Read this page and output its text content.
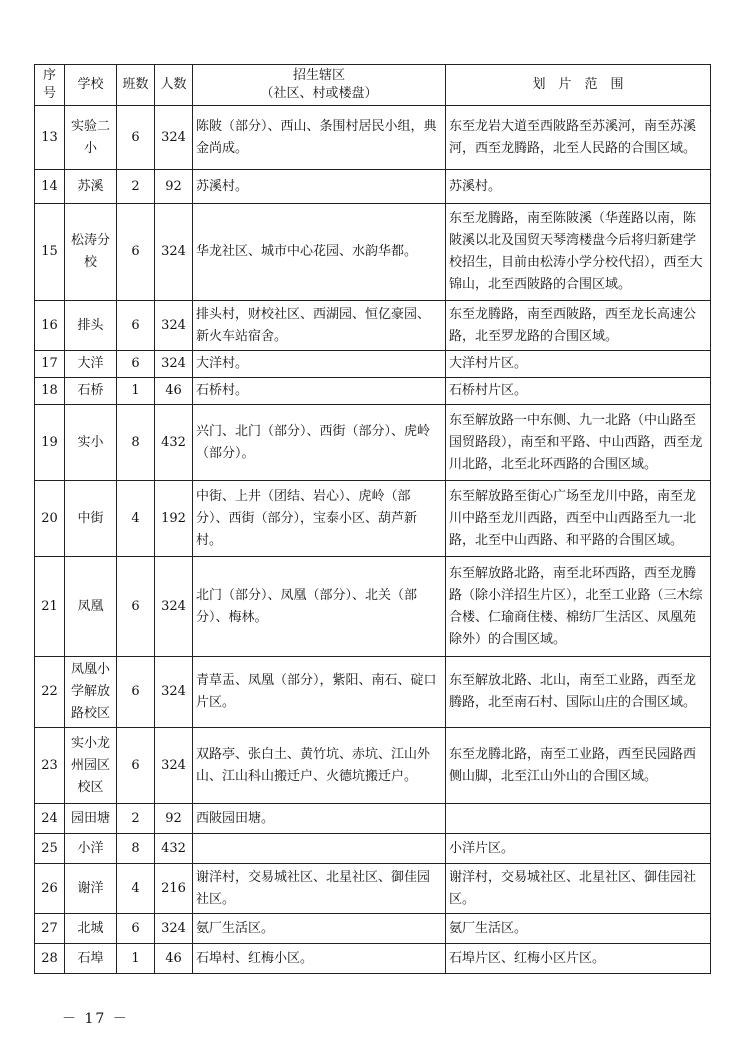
序号	学校	班数	人数	招生辖区
（社区、村或楼盘）	划　片　范　围
13	实验二小	6	324	陈陂（部分）、西山、条围村居民小组，典金尚成。	东至龙岩大道至西陂路至苏溪河，南至苏溪河，西至龙腾路，北至人民路的合围区域。
14	苏溪	2	92	苏溪村。	苏溪村。
15	松涛分校	6	324	华龙社区、城市中心花园、水韵华都。	东至龙腾路，南至陈陂溪（华莲路以南，陈陂溪以北及国贸天琴湾楼盘今后将归新建学校招生，目前由松涛小学分校代招），西至大锦山，北至西陂路的合围区域。
16	排头	6	324	排头村，财校社区、西湖园、恒亿豪园、新火车站宿舍。	东至龙腾路，南至西陂路，西至龙长高速公路，北至罗龙路的合围区域。
17	大洋	6	324	大洋村。	大洋村片区。
18	石桥	1	46	石桥村。	石桥村片区。
19	实小	8	432	兴门、北门（部分）、西街（部分）、虎岭（部分）。	东至解放路一中东侧、九一北路（中山路至国贸路段），南至和平路、中山西路，西至龙川北路，北至北环西路的合围区域。
20	中街	4	192	中街、上井（团结、岩心）、虎岭（部分）、西街（部分），宝泰小区、葫芦新村。	东至解放路至街心广场至龙川中路，南至龙川中路至龙川西路，西至中山西路至九一北路，北至中山西路、和平路的合围区域。
21	凤凰	6	324	北门（部分）、凤凰（部分）、北关（部分）、梅林。	东至解放路北路，南至北环西路，西至龙腾路（除小洋招生片区），北至工业路（三木综合楼、仁瑜商住楼、棉纺厂生活区、凤凰苑除外）的合围区域。
22	凤凰小学解放路校区	6	324	青草盂、凤凰（部分），紫阳、南石、碇口片区。	东至解放北路、北山，南至工业路，西至龙腾路，北至南石村、国际山庄的合围区域。
23	实小龙州园区校区	6	324	双路亭、张白土、黄竹坑、赤坑、江山外山、江山科山搬迁户、火德坑搬迁户。	东至龙腾北路，南至工业路，西至民园路西侧山脚，北至江山外山的合围区域。
24	园田塘	2	92	西陂园田塘。	
25	小洋	8	432		小洋片区。
26	谢洋	4	216	谢洋村，交易城社区、北星社区、御佳园社区。	谢洋村，交易城社区、北星社区、御佳园社区。
27	北城	6	324	氨厂生活区。	氨厂生活区。
28	石埠	1	46	石埠村、红梅小区。	石埠片区、红梅小区片区。
－ 17 －
